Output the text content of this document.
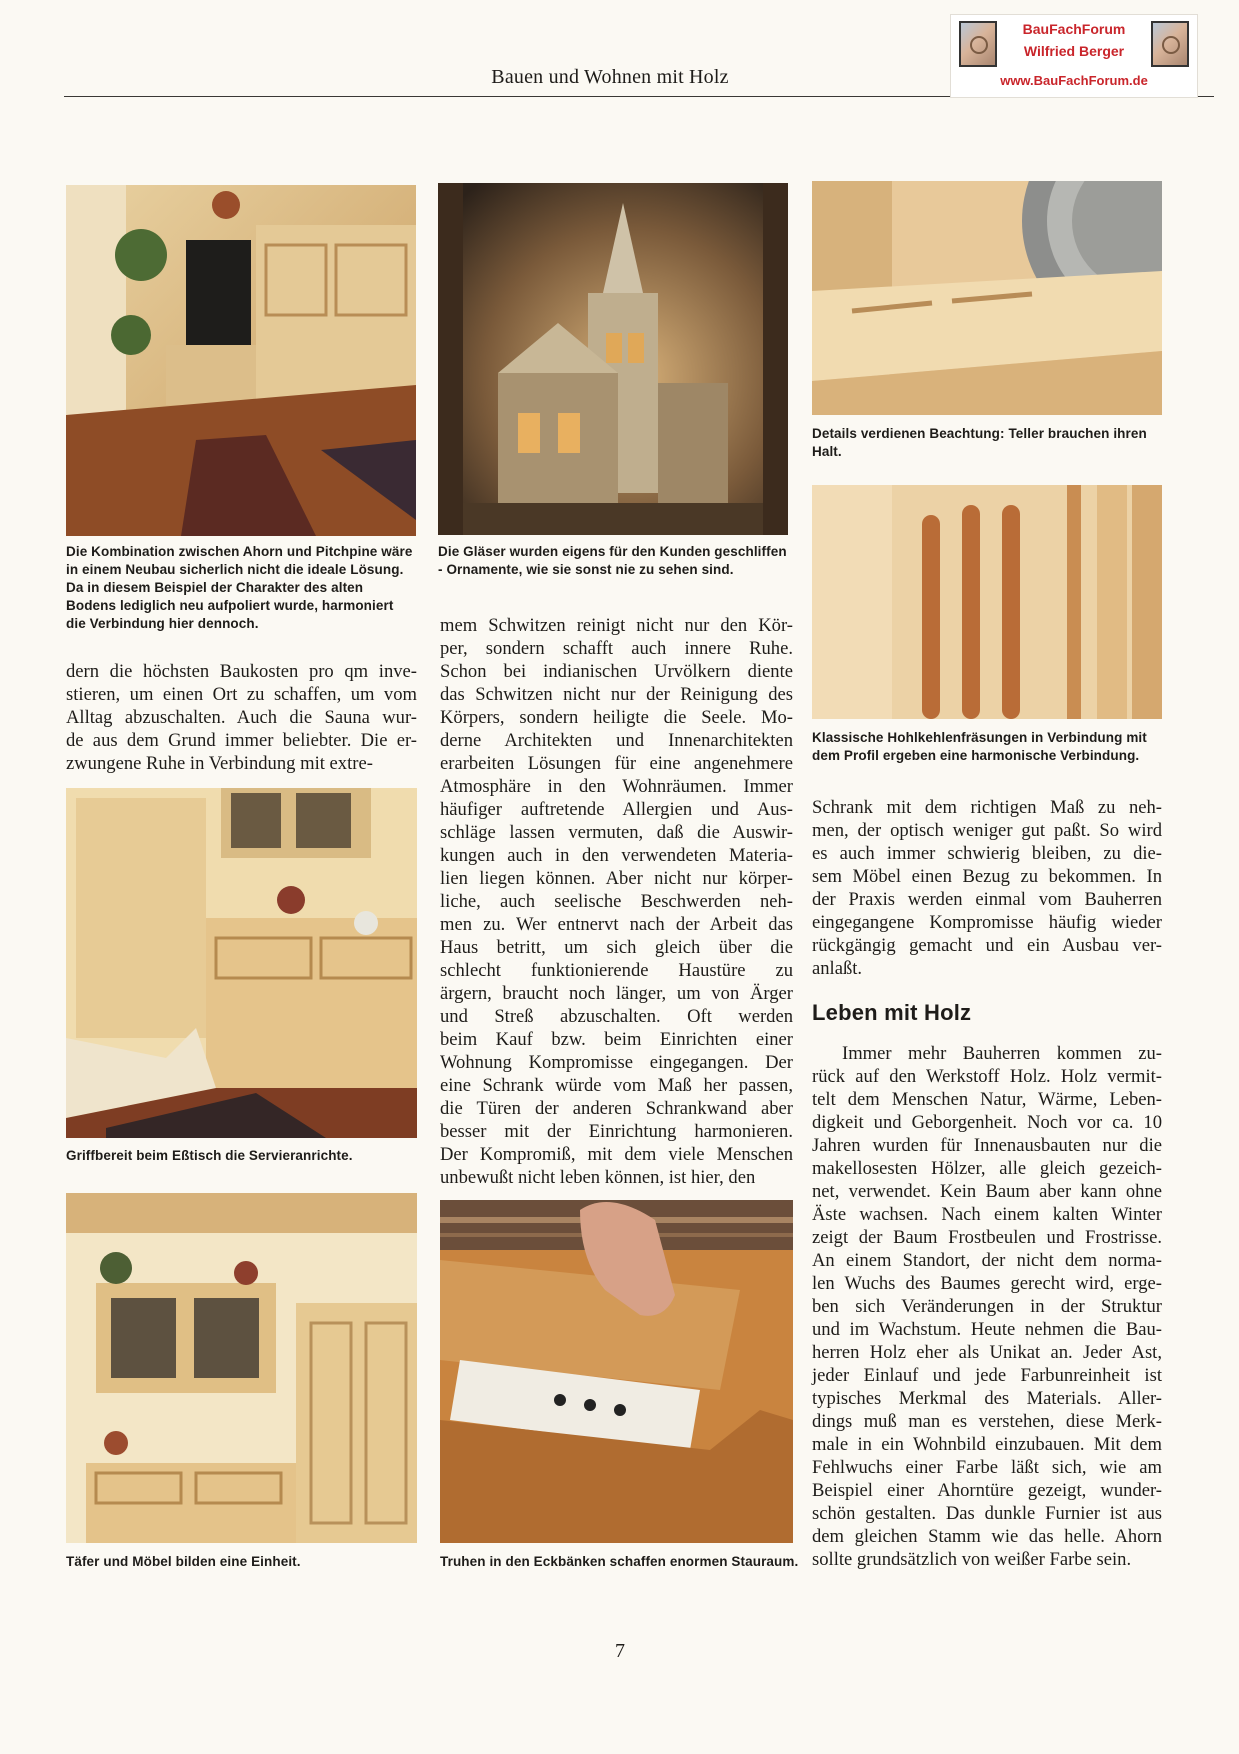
Bauen und Wohnen mit Holz
BauFachForum
Wilfried Berger
www.BauFachForum.de
Die Kombination zwischen Ahorn und Pitchpine wäre in einem Neubau sicherlich nicht die ideale Lösung. Da in diesem Beispiel der Charakter des alten Bodens lediglich neu aufpoliert wurde, harmoniert die Verbindung hier dennoch.
Die Gläser wurden eigens für den Kunden geschliffen - Ornamente, wie sie sonst nie zu sehen sind.
Details verdienen Beachtung: Teller brauchen ihren Halt.
Klassische Hohlkehlenfräsungen in Verbindung mit dem Profil ergeben eine harmonische Verbindung.
Griffbereit beim Eßtisch die Servieranrichte.
Täfer und Möbel bilden eine Einheit.	Truhen in den Eckbänken schaffen enormen Stauraum.

dern die höchsten Baukosten pro qm inve-

stieren, um einen Ort zu schaffen, um vom

Alltag abzuschalten. Auch die Sauna wur-

de aus dem Grund immer beliebter. Die er-

zwungene Ruhe in Verbindung mit extre-

mem Schwitzen reinigt nicht nur den Kör-

per, sondern schafft auch innere Ruhe.

Schon bei indianischen Urvölkern diente

das Schwitzen nicht nur der Reinigung des

Körpers, sondern heiligte die Seele. Mo-

derne Architekten und Innenarchitekten

erarbeiten Lösungen für eine angenehmere

Atmosphäre in den Wohnräumen. Immer

häufiger auftretende Allergien und Aus-

schläge lassen vermuten, daß die Auswir-

kungen auch in den verwendeten Materia-

lien liegen können. Aber nicht nur körper-

liche, auch seelische Beschwerden neh-

men zu. Wer entnervt nach der Arbeit das

Haus betritt, um sich gleich über die

schlecht funktionierende Haustüre zu

ärgern, braucht noch länger, um von Ärger

und Streß abzuschalten. Oft werden

beim Kauf bzw. beim Einrichten einer

Wohnung Kompromisse eingegangen. Der

eine Schrank würde vom Maß her passen,

die Türen der anderen Schrankwand aber

besser mit der Einrichtung harmonieren.

Der Kompromiß, mit dem viele Menschen

unbewußt nicht leben können, ist hier, den

Schrank mit dem richtigen Maß zu neh-

men, der optisch weniger gut paßt. So wird

es auch immer schwierig bleiben, zu die-

sem Möbel einen Bezug zu bekommen. In

der Praxis werden einmal vom Bauherren

eingegangene Kompromisse häufig wieder

rückgängig gemacht und ein Ausbau ver-

anlaßt.

Leben mit Holz

Immer mehr Bauherren kommen zu-

rück auf den Werkstoff Holz. Holz vermit-

telt dem Menschen Natur, Wärme, Leben-

digkeit und Geborgenheit. Noch vor ca. 10

Jahren wurden für Innenausbauten nur die

makellosesten Hölzer, alle gleich gezeich-

net, verwendet. Kein Baum aber kann ohne

Äste wachsen. Nach einem kalten Winter

zeigt der Baum Frostbeulen und Frostrisse.

An einem Standort, der nicht dem norma-

len Wuchs des Baumes gerecht wird, erge-

ben sich Veränderungen in der Struktur

und im Wachstum. Heute nehmen die Bau-

herren Holz eher als Unikat an. Jeder Ast,

jeder Einlauf und jede Farbunreinheit ist

typisches Merkmal des Materials. Aller-

dings muß man es verstehen, diese Merk-

male in ein Wohnbild einzubauen. Mit dem

Fehlwuchs einer Farbe läßt sich, wie am

Beispiel einer Ahorntüre gezeigt, wunder-

schön gestalten. Das dunkle Furnier ist aus

dem gleichen Stamm wie das helle. Ahorn

sollte grundsätzlich von weißer Farbe sein.

7
